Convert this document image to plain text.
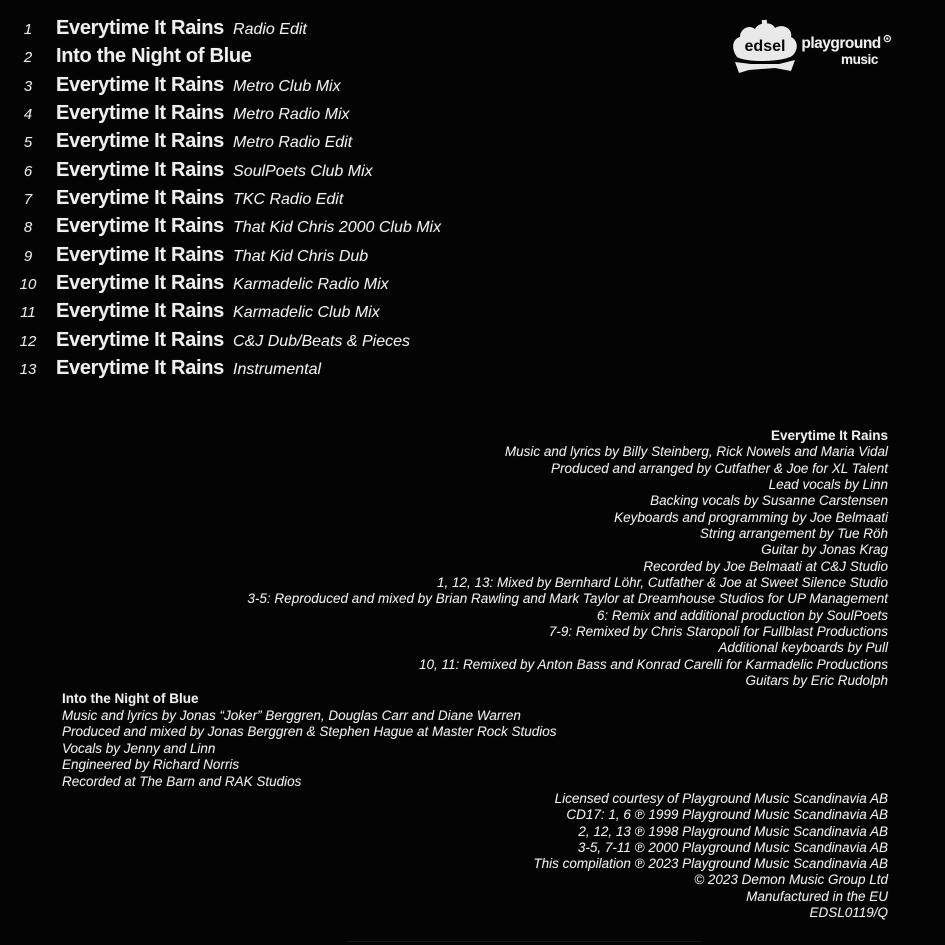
edsel playground ⊙
music
1 Everytime It Rains Radio Edit
2 Into the Night of Blue
3 Everytime It Rains Metro Club Mix
4 Everytime It Rains Metro Radio Mix
5 Everytime It Rains Metro Radio Edit
6 Everytime It Rains SoulPoets Club Mix
7 Everytime It Rains TKC Radio Edit
8 Everytime It Rains That Kid Chris 2000 Club Mix
9 Everytime It Rains That Kid Chris Dub
10 Everytime It Rains Karmadelic Radio Mix
11 Everytime It Rains Karmadelic Club Mix
12 Everytime It Rains C&J Dub/Beats & Pieces
13 Everytime It Rains Instrumental
Everytime It Rains
Music and lyrics by Billy Steinberg, Rick Nowels and Maria Vidal
Produced and arranged by Cutfather & Joe for XL Talent
Lead vocals by Linn
Backing vocals by Susanne Carstensen
Keyboards and programming by Joe Belmaati
String arrangement by Tue Röh
Guitar by Jonas Krag
Recorded by Joe Belmaati at C&J Studio
1, 12, 13: Mixed by Bernhard Löhr, Cutfather & Joe at Sweet Silence Studio
3-5: Reproduced and mixed by Brian Rawling and Mark Taylor at Dreamhouse Studios for UP Management
6: Remix and additional production by SoulPoets
7-9: Remixed by Chris Staropoli for Fullblast Productions
Additional keyboards by Pull
10, 11: Remixed by Anton Bass and Konrad Carelli for Karmadelic Productions
Guitars by Eric Rudolph
Into the Night of Blue
Music and lyrics by Jonas “Joker” Berggren, Douglas Carr and Diane Warren
Produced and mixed by Jonas Berggren & Stephen Hague at Master Rock Studios
Vocals by Jenny and Linn
Engineered by Richard Norris
Recorded at The Barn and RAK Studios
Licensed courtesy of Playground Music Scandinavia AB
CD17: 1, 6 ℗ 1999 Playground Music Scandinavia AB
2, 12, 13 ℗ 1998 Playground Music Scandinavia AB
3-5, 7-11 ℗ 2000 Playground Music Scandinavia AB
This compilation ℗ 2023 Playground Music Scandinavia AB
© 2023 Demon Music Group Ltd
Manufactured in the EU
EDSL0119/Q
